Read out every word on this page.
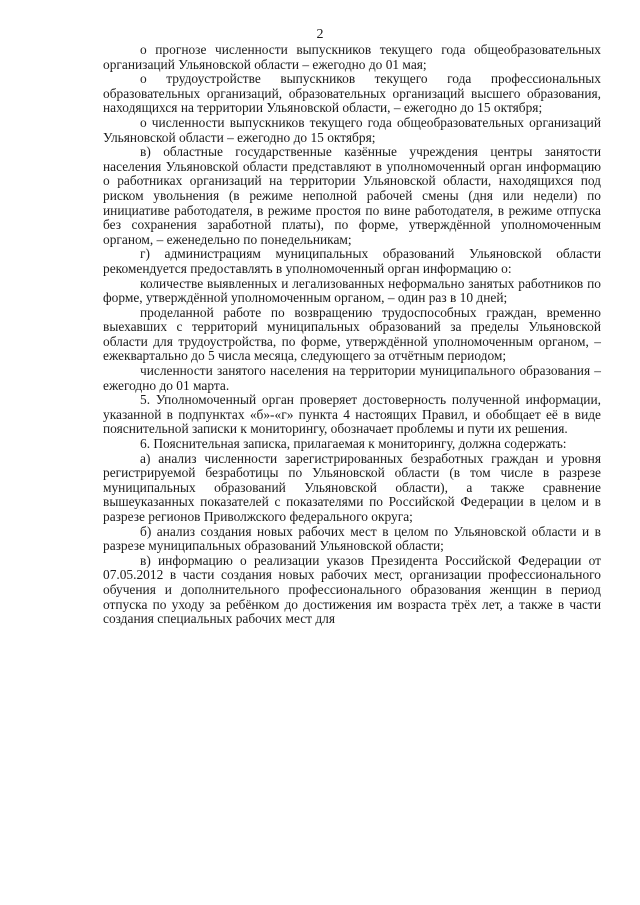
2

о прогнозе численности выпускников текущего года общеобразовательных организаций Ульяновской области – ежегодно до 01 мая;

о трудоустройстве выпускников текущего года профессиональных образовательных организаций, образовательных организаций высшего образования, находящихся на территории Ульяновской области, – ежегодно до 15 октября;

о численности выпускников текущего года общеобразовательных организаций Ульяновской области – ежегодно до 15 октября;

в) областные государственные казённые учреждения центры занятости населения Ульяновской области представляют в уполномоченный орган информацию о работниках организаций на территории Ульяновской области, находящихся под риском увольнения (в режиме неполной рабочей смены (дня или недели) по инициативе работодателя, в режиме простоя по вине работодателя, в режиме отпуска без сохранения заработной платы), по форме, утверждённой уполномоченным органом, – еженедельно по понедельникам;

г) администрациям муниципальных образований Ульяновской области рекомендуется предоставлять в уполномоченный орган информацию о:

количестве выявленных и легализованных неформально занятых работников по форме, утверждённой уполномоченным органом, – один раз в 10 дней;

проделанной работе по возвращению трудоспособных граждан, временно выехавших с территорий муниципальных образований за пределы Ульяновской области для трудоустройства, по форме, утверждённой уполномоченным органом, – ежеквартально до 5 числа месяца, следующего за отчётным периодом;

численности занятого населения на территории муниципального образования – ежегодно до 01 марта.

5. Уполномоченный орган проверяет достоверность полученной информации, указанной в подпунктах «б»-«г» пункта 4 настоящих Правил, и обобщает её в виде пояснительной записки к мониторингу, обозначает проблемы и пути их решения.

6. Пояснительная записка, прилагаемая к мониторингу, должна содержать:

а) анализ численности зарегистрированных безработных граждан и уровня регистрируемой безработицы по Ульяновской области (в том числе в разрезе муниципальных образований Ульяновской области), а также сравнение вышеуказанных показателей с показателями по Российской Федерации в целом и в разрезе регионов Приволжского федерального округа;

б) анализ создания новых рабочих мест в целом по Ульяновской области и в разрезе муниципальных образований Ульяновской области;

в) информацию о реализации указов Президента Российской Федерации от 07.05.2012 в части создания новых рабочих мест, организации профессионального обучения и дополнительного профессионального образования женщин в период отпуска по уходу за ребёнком до достижения им возраста трёх лет, а также в части создания специальных рабочих мест для
